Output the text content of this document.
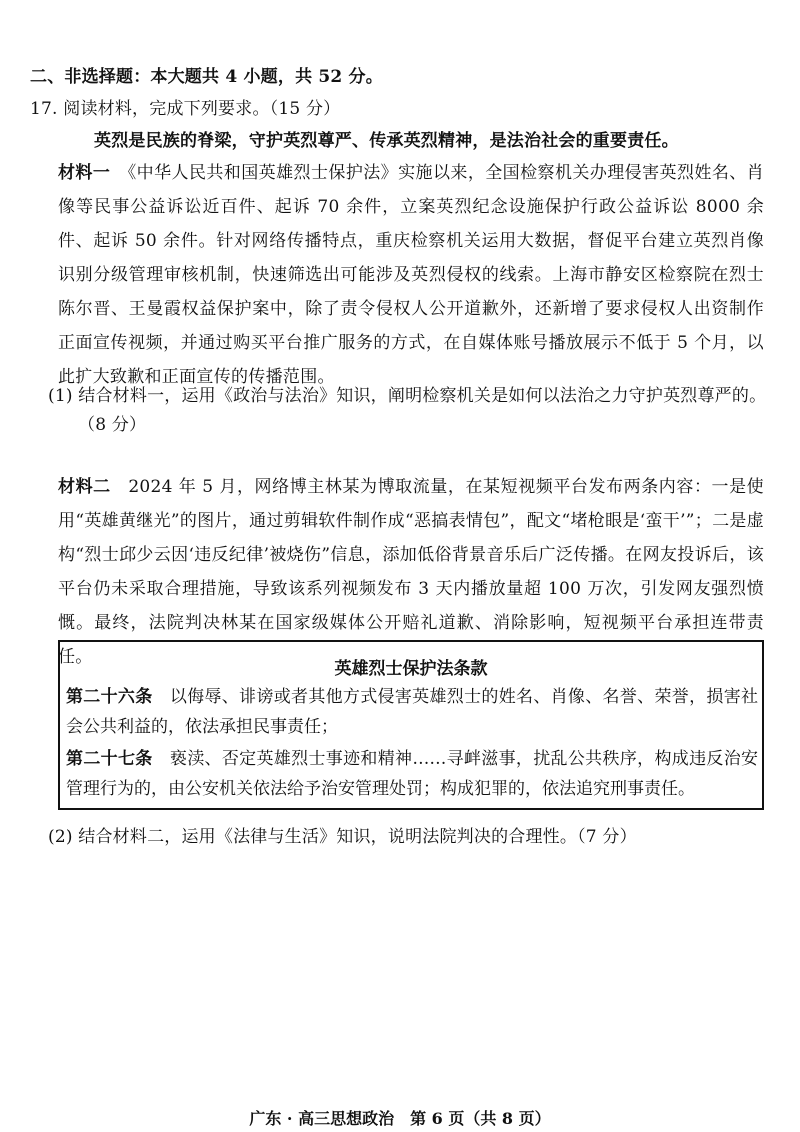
二、非选择题：本大题共 4 小题，共 52 分。
17. 阅读材料，完成下列要求。（15 分）
英烈是民族的脊梁，守护英烈尊严、传承英烈精神，是法治社会的重要责任。
材料一　 《中华人民共和国英雄烈士保护法》实施以来，全国检察机关办理侵害英烈姓名、肖像等民事公益诉讼近百件、起诉 70 余件，立案英烈纪念设施保护行政公益诉讼 8000 余件、起诉 50 余件。针对网络传播特点，重庆检察机关运用大数据，督促平台建立英烈肖像识别分级管理审核机制，快速筛选出可能涉及英烈侵权的线索。上海市静安区检察院在烈士陈尔晋、王曼霞权益保护案中，除了责令侵权人公开道歉外，还新增了要求侵权人出资制作正面宣传视频，并通过购买平台推广服务的方式，在自媒体账号播放展示不低于 5 个月，以此扩大致歉和正面宣传的传播范围。
(1) 结合材料一，运用《政治与法治》知识，阐明检察机关是如何以法治之力守护英烈尊严的。
（8 分）
材料二　 2024 年 5 月，网络博主林某为博取流量，在某短视频平台发布两条内容：一是使用“英雄黄继光”的图片，通过剪辑软件制作成“恶搞表情包”，配文“堵枪眼是‘蛮干’”；二是虚构“烈士邱少云因‘违反纪律’被烧伤”信息，添加低俗背景音乐后广泛传播。在网友投诉后，该平台仍未采取合理措施，导致该系列视频发布 3 天内播放量超 100 万次，引发网友强烈愤慨。最终，法院判决林某在国家级媒体公开赔礼道歉、消除影响，短视频平台承担连带责任。
英雄烈士保护法条款
第二十六条　 以侮辱、诽谤或者其他方式侵害英雄烈士的姓名、肖像、名誉、荣誉，损害社会公共利益的，依法承担民事责任；
第二十七条　 亵渎、否定英雄烈士事迹和精神……寻衅滋事，扰乱公共秩序，构成违反治安管理行为的，由公安机关依法给予治安管理处罚；构成犯罪的，依法追究刑事责任。
(2) 结合材料二，运用《法律与生活》知识，说明法院判决的合理性。（7 分）
广东 · 高三思想政治　第 6 页（共 8 页）
